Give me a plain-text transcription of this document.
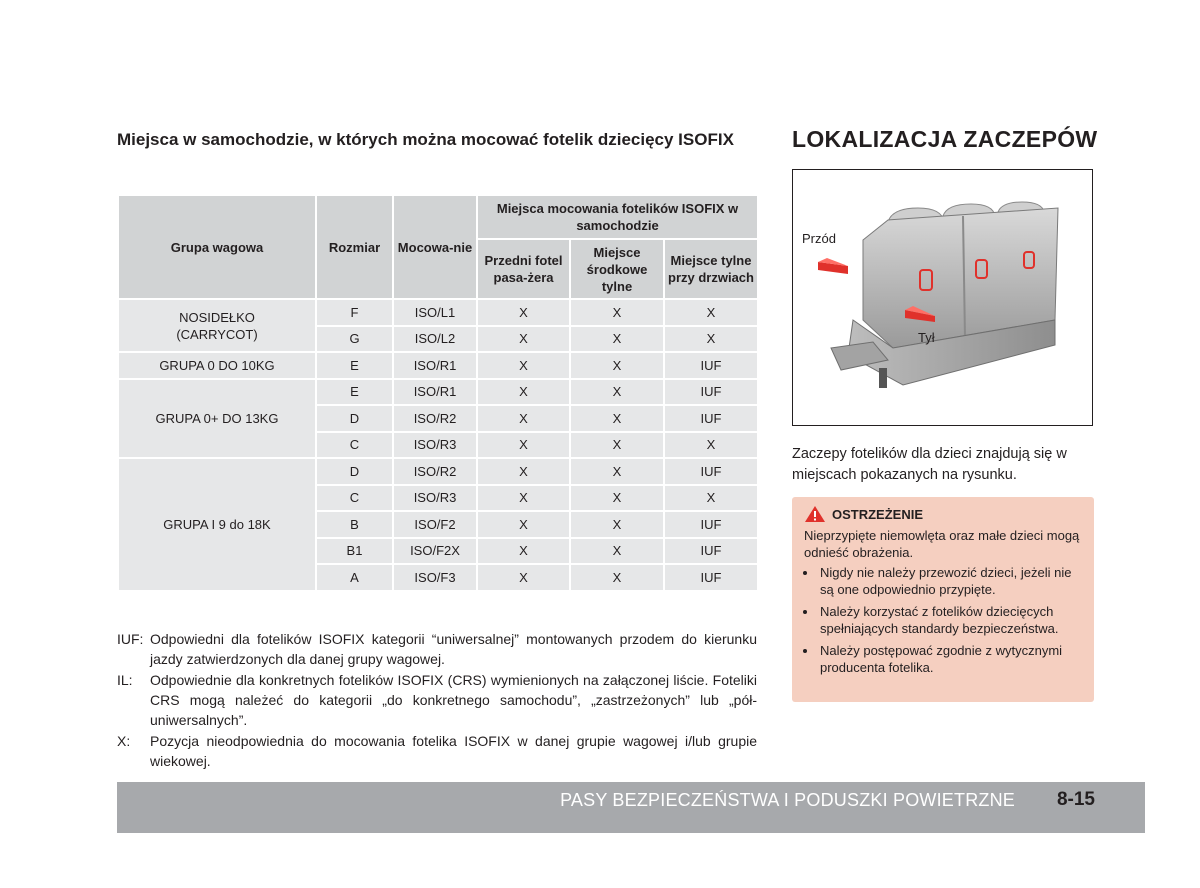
Miejsca w samochodzie, w których można mocować fotelik dziecięcy ISOFIX
Grupa wagowa	Rozmiar	Mocowa-nie	Miejsca mocowania fotelików ISOFIX w samochodzie		
			Przedni fotel pasa-żera	Miejsce środkowe tylne	Miejsce tylne przy drzwiach
NOSIDEŁKO (CARRYCOT)	F	ISO/L1	X	X	X
	G	ISO/L2	X	X	X
GRUPA 0 DO 10KG	E	ISO/R1	X	X	IUF
GRUPA 0+ DO 13KG	E	ISO/R1	X	X	IUF
	D	ISO/R2	X	X	IUF
	C	ISO/R3	X	X	X
GRUPA I 9 do 18K	D	ISO/R2	X	X	IUF
	C	ISO/R3	X	X	X
	B	ISO/F2	X	X	IUF
	B1	ISO/F2X	X	X	IUF
	A	ISO/F3	X	X	IUF
IUF: Odpowiedni dla fotelików ISOFIX kategorii “uniwersalnej” montowanych przodem do kierunku jazdy zatwierdzonych dla danej grupy wagowej.
IL:	Odpowiednie dla konkretnych fotelików ISOFIX (CRS) wymienionych na załączonej liście. Foteliki CRS mogą należeć do kategorii „do konkretnego samochodu”, „zastrzeżonych” lub „pół-uniwersalnych”.
X:	Pozycja nieodpowiednia do mocowania fotelika ISOFIX w danej grupie wagowej i/lub grupie wiekowej.
LOKALIZACJA ZACZEPÓW
Przód
Tył
Zaczepy fotelików dla dzieci znajdują się w miejscach pokazanych na rysunku.
OSTRZEŻENIE
Nieprzypięte niemowlęta oraz małe dzieci mogą odnieść obrażenia.
• Nigdy nie należy przewozić dzieci, jeżeli nie są one odpowiednio przypięte.
• Należy korzystać z fotelików dziecięcych spełniających standardy bezpieczeństwa.
• Należy postępować zgodnie z wytycznymi producenta fotelika.
PASY BEZPIECZEŃSTWA I PODUSZKI POWIETRZNE 8-15
